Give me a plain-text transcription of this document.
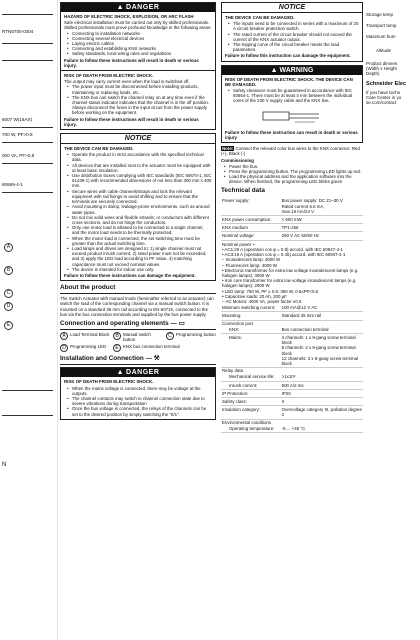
RTN6700-0304
6007 W(16AX)
700 W, PF>0.8
000 VA, PF>0.8
60669-4-1
A
B
C
D
E
N
▲ DANGER
HAZARD OF ELECTRIC SHOCK, EXPLOSION, OR ARC FLASH
Safe electrical installation must be carried out only by skilled professionals. Skilled professionals must prove profound knowledge in the following areas:
• Connecting to installation networks
• Connecting several electrical devices
• Laying electric cables
• Connecting and establishing KNX networks
• Safety standards, local wiring rules and regulations
Failure to follow these instructions will result in death or serious injury.
RISK OF DEATH FROM ELECTRIC SHOCK.
The output may carry current even when the load is switched off.
• The power input must be disconnected before installing products, maintaining or replacing loads, etc.
• The KNX bus can switch the channel relay on at any time even if the channel status indicator indicates that the channel is in the off position. Always disconnect the fuses in the input circuit from the power supply before working on the equipment.
Failure to follow these instructions will result in death or serious injury.
NOTICE
THE DEVICE CAN BE DAMAGED.
• Operate the product in strict accordance with the specified technical data.
• All devices that are installed next to the actuator must be equipped with at least basic insulation.
• Use distribution boxes complying with IEC standards (IEC 60670-1, IEC 61439-1) with recommended dimensions of not less than 300 mm x 400 mm.
• Secure wires with cable channels/straps and lock the relevant equipment with rail fixings to avoid shifting and to ensure that the terminals are securely connected.
• Avoid mounting in damp, leakage-prone environments, such as around water pipes.
• Do not mix solid wires and flexible strands; or conductors with different cross-sections, and do not hinge the conductors.
• Only one motor load is allowed to be connected to a single channel, and the motor load needs to be thermally protected.
• When the motor load is connected, the set switching time must be greater than the actual switching time.
• Load lamps and drives are designed to: 1) single channel must not exceed product inrush current, 2) rated power must not be exceeded, and 3) apply the LED load according to PF value. 4) matching capacitance must not exceed nominal values.
• The device is intended for indoor use only.
Failure to follow these instructions can damage the equipment.
About the product
The Switch Actuator with manual mode (hereinafter referred to as actuator) can switch the load of the corresponding channel via a manual switch button. It is mounted on a standard 35 mm rail according to EN-60715, connected to the bus via the bus connection terminals and supplied by the bus power supply.
Connection and operating elements — ▭
A Load Terminal Block	B Manual switch button
C Programming button
D Programming LED	E KNX bus connection terminal
Installation and Connection — ⚒
▲ DANGER
RISK OF DEATH FROM ELECTRIC SHOCK.
• When the mains voltage is connected, there may be voltage at the outputs.
• The channel contacts may switch to channel connection state due to severe vibrations during transportation
• Once the bus voltage is connected, the relays of the channels can be set to the desired position by simply switching the "0/1".
NOTICE
THE DEVICE CAN BE DAMAGED.
• The inputs need to be connected in series with a maximum of 20 A circuit breaker protection switch.
• The rated current of the circuit breaker should not exceed the current of the KNX actuator output.
• The tripping curve of the circuit breaker meets the load parameters.
Failure to follow this instruction can damage the equipment.
▲ WARNING
RISK OF DEATH FROM ELECTRIC SHOCK. THE DEVICE CAN BE DAMAGED.
• Safety clearance must be guaranteed in accordance with IEC 60664-1. There must be at least 4 mm between the individual cores of the 230 V supply cable and the KNX line.
Failure to follow these instruction can result in death or serious injury
Note: Connect the relevant color bus wires to the KNX connector: Red (+), Black (-)
Commissioning
• Power the bus.
• Press the programming button. The programming LED lights up red.
• Load the physical address and the application software into the device. When finished, the programming LED blinks green
Technical data
Power supply:	Bus power supply: DC 21~30 V
Rated current 6.5 mA,
max.19 mA/24 V
KNX power consumption:	< 600 mW
KNX medium	TP1-256
Nominal voltage:	250 V AC 50/60 Hz
Nominal power ⌁
• AC1:20 A (operation cos φ = 0.8) accord. with IEC 60947-4-1
• AC3:16 A (operation cos φ = 0.45) accord. with IEC 60947-4-1
– Incandescent lamp: 4000 W
– Fluorescent lamp: 4000 W
• Electronic transformer for extra low voltage incandescent lamps (e.g. halogen lamps): 3000 W
• Iron core transformer for extra low voltage incandescent lamps (e.g. halogen lamps): 2000 W
• LED lamp: 750 W, PF ≥ 0.6; 350 W, 0.5≤PF<0.6
• Capacitive loads: 20 Ah, 200 µF
– AC Motors: 4000 VA, power factor ≥0.6
Minimum switching current:	100 mA@12 V AC
Mounting:	Standard 35 mm rail
Connection port
KNX:	Bus connection terminal
Mains:	4 channels: 1 x 8-gang screw terminal block
8 channels: 2 x 8-gang screw terminal block
12 channels: 3 x 8-gang screw terminal block
Relay data
Mechanical service life:	>1x10⁶
Inrush current:	500 A/2 ms
IP Protection:	IP20
Safety class:	II
Insulation category:	Overvoltage category III, pollution degree 2
Environmental conditions
Operating temperature:	-5 ... +45 °C
Storage temp
Transport temp
Maximum hum
Altitude
Product dimens
(Width x Height
Depth)
Schneider Elec
If you have techn
Care Center in yo
se.com/contact
